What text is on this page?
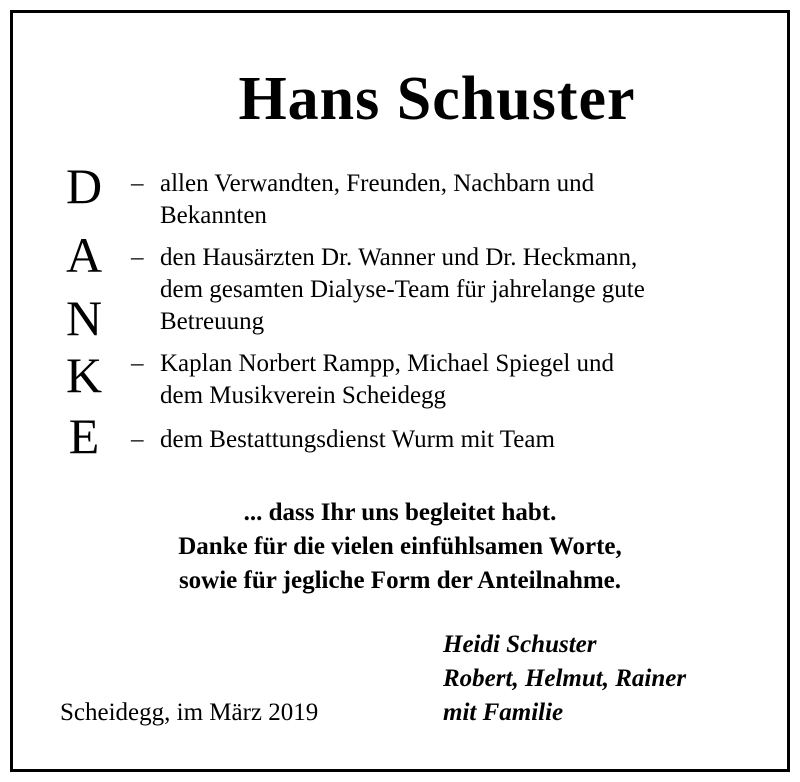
Hans Schuster
D
A
N
K
E
– allen Verwandten, Freunden, Nachbarn und
Bekannten
– den Hausärzten Dr. Wanner und Dr. Heckmann,
dem gesamten Dialyse-Team für jahrelange gute
Betreuung
– Kaplan Norbert Rampp, Michael Spiegel und
dem Musikverein Scheidegg
– dem Bestattungsdienst Wurm mit Team
... dass Ihr uns begleitet habt.
Danke für die vielen einfühlsamen Worte,
sowie für jegliche Form der Anteilnahme.
Heidi Schuster
Robert, Helmut, Rainer
mit Familie
Scheidegg, im März 2019
